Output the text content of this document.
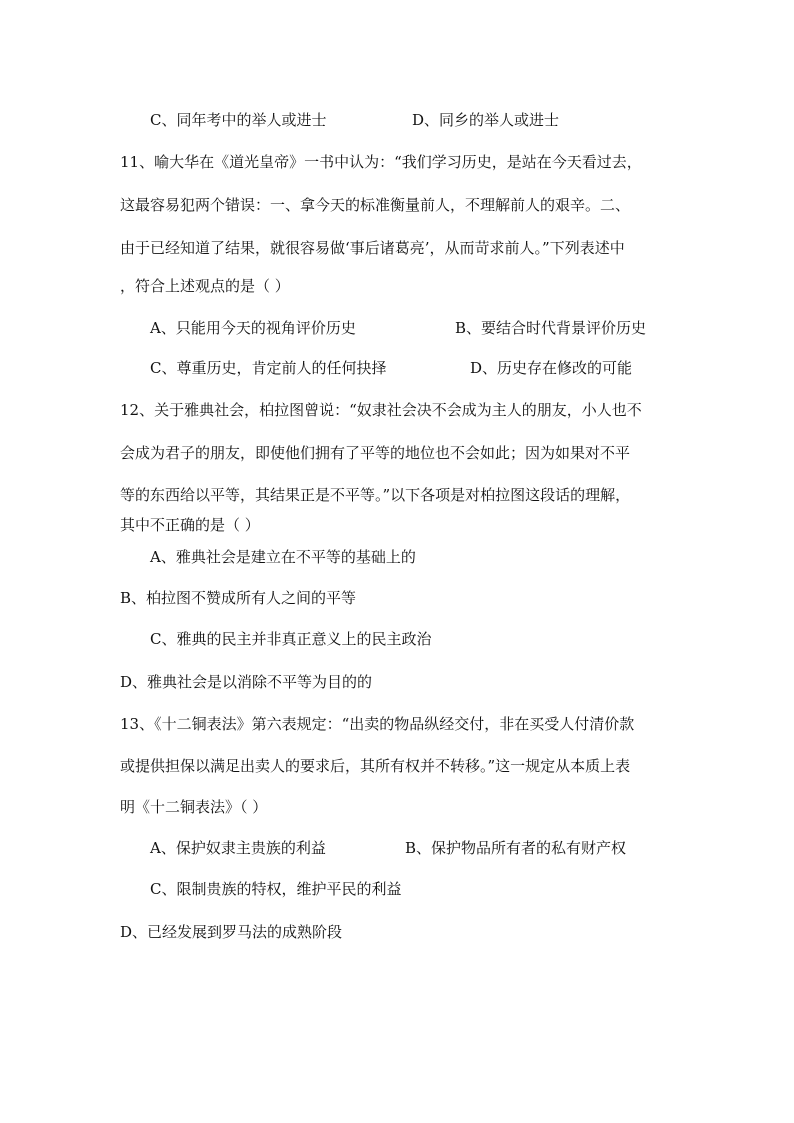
C、同年考中的举人或进士	D、同乡的举人或进士
11、喻大华在《道光皇帝》一书中认为：“我们学习历史，是站在今天看过去，
这最容易犯两个错误：一、拿今天的标准衡量前人，不理解前人的艰辛。二、
由于已经知道了结果，就很容易做‘事后诸葛亮’，从而苛求前人。”下列表述中
，符合上述观点的是（ ）
A、只能用今天的视角评价历史	B、要结合时代背景评价历史
C、尊重历史，肯定前人的任何抉择	D、历史存在修改的可能
12、关于雅典社会，柏拉图曾说：“奴隶社会决不会成为主人的朋友，小人也不
会成为君子的朋友，即使他们拥有了平等的地位也不会如此；因为如果对不平
等的东西给以平等，其结果正是不平等。”以下各项是对柏拉图这段话的理解，
其中不正确的是（ ）
A、雅典社会是建立在不平等的基础上的
B、柏拉图不赞成所有人之间的平等
C、雅典的民主并非真正意义上的民主政治
D、雅典社会是以消除不平等为目的的
13、《十二铜表法》第六表规定：“出卖的物品纵经交付，非在买受人付清价款
或提供担保以满足出卖人的要求后，其所有权并不转移。”这一规定从本质上表
明《十二铜表法》（ ）
A、保护奴隶主贵族的利益	B、保护物品所有者的私有财产权
C、限制贵族的特权，维护平民的利益
D、已经发展到罗马法的成熟阶段
